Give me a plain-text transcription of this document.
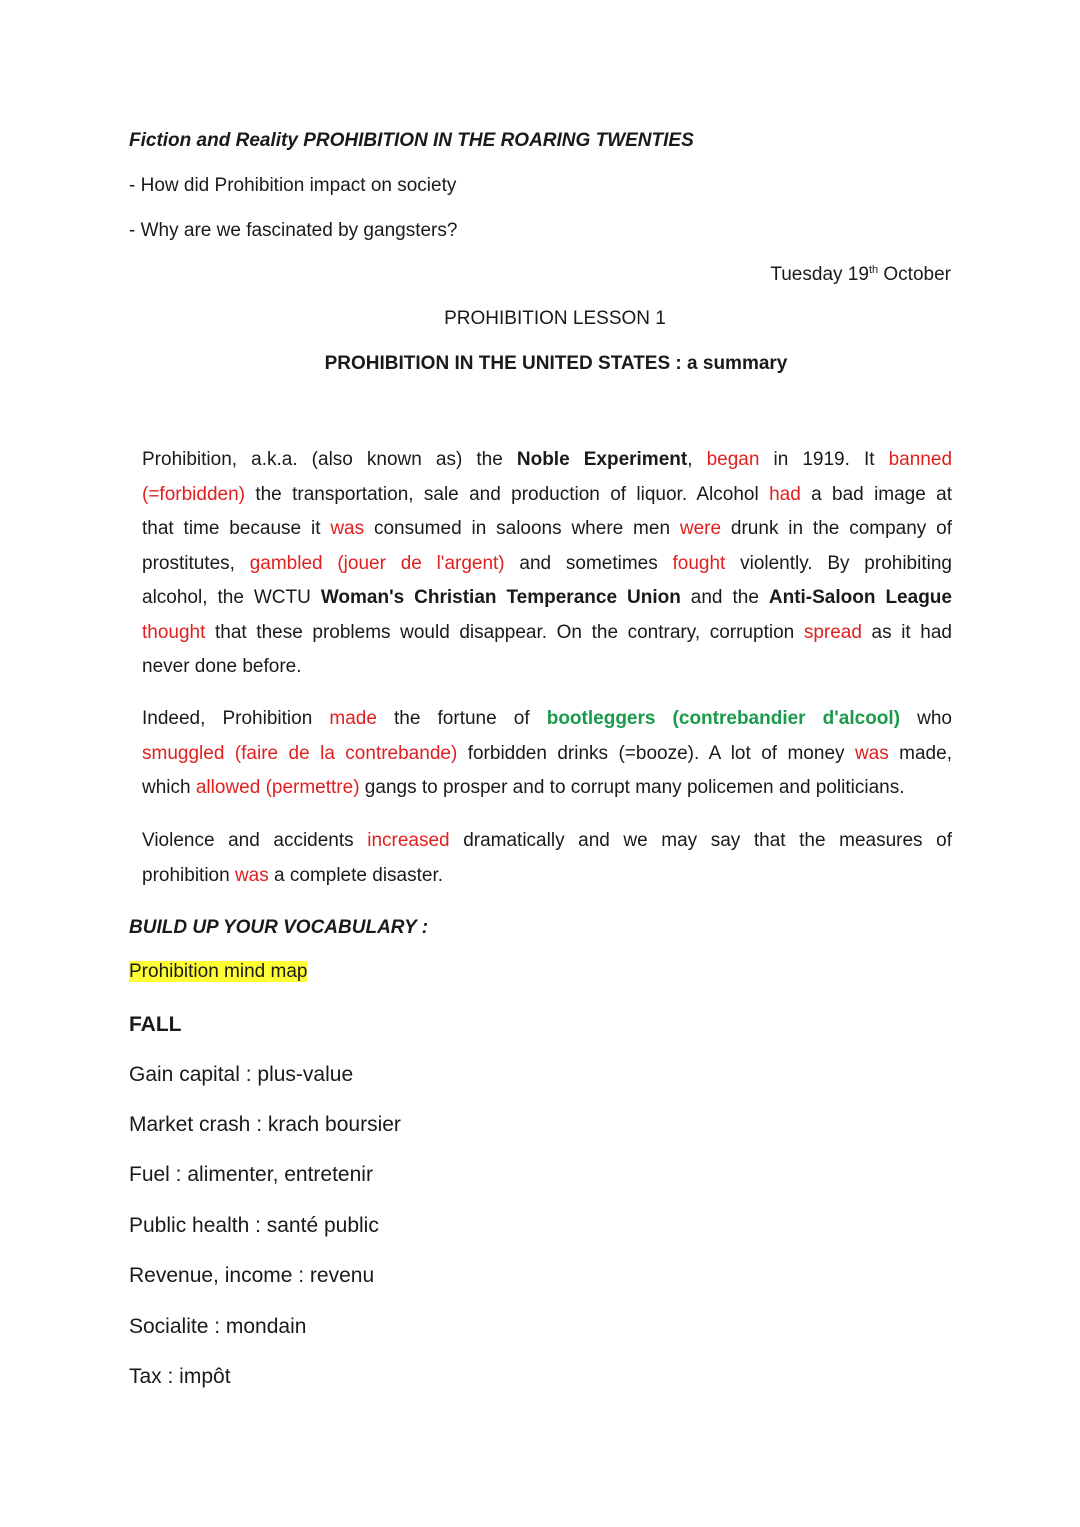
Fiction and Reality PROHIBITION IN THE ROARING TWENTIES
- How did Prohibition impact on society
- Why are we fascinated by gangsters?
Tuesday 19th October
PROHIBITION LESSON 1
PROHIBITION IN THE UNITED STATES : a summary
Prohibition, a.k.a. (also known as) the Noble Experiment, began in 1919. It banned
(=forbidden) the transportation, sale and production of liquor. Alcohol had a bad image at
that time because it was consumed in saloons where men were drunk in the company of
prostitutes, gambled (jouer de l'argent) and sometimes fought violently. By prohibiting
alcohol, the WCTU Woman's Christian Temperance Union and the Anti-Saloon League
thought that these problems would disappear. On the contrary, corruption spread as it had
never done before.
Indeed, Prohibition made the fortune of bootleggers (contrebandier d'alcool) who
smuggled (faire de la contrebande) forbidden drinks (=booze). A lot of money was made,
which allowed (permettre) gangs to prosper and to corrupt many policemen and politicians.
Violence and accidents increased dramatically and we may say that the measures of
prohibition was a complete disaster.
BUILD UP YOUR VOCABULARY :
Prohibition mind map
FALL
Gain capital : plus-value
Market crash : krach boursier
Fuel : alimenter, entretenir
Public health : santé public
Revenue, income : revenu
Socialite : mondain
Tax : impôt
